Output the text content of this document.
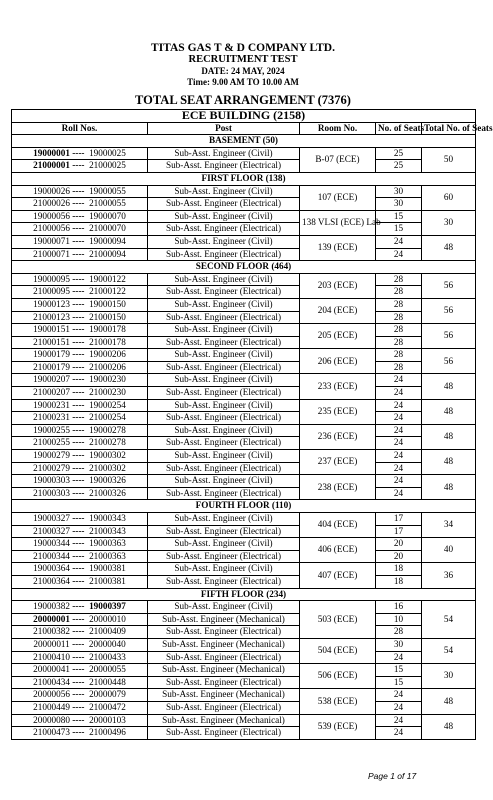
TITAS GAS T & D COMPANY LTD.
RECRUITMENT TEST
DATE: 24 MAY, 2024
Time: 9.00 AM TO 10.00 AM
TOTAL SEAT ARRANGEMENT (7376)
ECE BUILDING (2158)				
Roll Nos.	Post	Room No.	No. of Seats	Total No. of Seats
BASEMENT (50)				
19000001 ---- 19000025	Sub-Asst. Engineer (Civil)	B-07 (ECE)	25	50
21000001 ---- 21000025	Sub-Asst. Engineer (Electrical)		25	
FIRST FLOOR (138)				
19000026 ---- 19000055	Sub-Asst. Engineer (Civil)	107 (ECE)	30	60
21000026 ---- 21000055	Sub-Asst. Engineer (Electrical)		30	
19000056 ---- 19000070	Sub-Asst. Engineer (Civil)	138 VLSI (ECE) Lab	15	30
21000056 ---- 21000070	Sub-Asst. Engineer (Electrical)		15	
19000071 ---- 19000094	Sub-Asst. Engineer (Civil)	139 (ECE)	24	48
21000071 ---- 21000094	Sub-Asst. Engineer (Electrical)		24	
SECOND FLOOR (464)				
19000095 ---- 19000122	Sub-Asst. Engineer (Civil)	203 (ECE)	28	56
21000095 ---- 21000122	Sub-Asst. Engineer (Electrical)		28	
19000123 ---- 19000150	Sub-Asst. Engineer (Civil)	204 (ECE)	28	56
21000123 ---- 21000150	Sub-Asst. Engineer (Electrical)		28	
19000151 ---- 19000178	Sub-Asst. Engineer (Civil)	205 (ECE)	28	56
21000151 ---- 21000178	Sub-Asst. Engineer (Electrical)		28	
19000179 ---- 19000206	Sub-Asst. Engineer (Civil)	206 (ECE)	28	56
21000179 ---- 21000206	Sub-Asst. Engineer (Electrical)		28	
19000207 ---- 19000230	Sub-Asst. Engineer (Civil)	233 (ECE)	24	48
21000207 ---- 21000230	Sub-Asst. Engineer (Electrical)		24	
19000231 ---- 19000254	Sub-Asst. Engineer (Civil)	235 (ECE)	24	48
21000231 ---- 21000254	Sub-Asst. Engineer (Electrical)		24	
19000255 ---- 19000278	Sub-Asst. Engineer (Civil)	236 (ECE)	24	48
21000255 ---- 21000278	Sub-Asst. Engineer (Electrical)		24	
19000279 ---- 19000302	Sub-Asst. Engineer (Civil)	237 (ECE)	24	48
21000279 ---- 21000302	Sub-Asst. Engineer (Electrical)		24	
19000303 ---- 19000326	Sub-Asst. Engineer (Civil)	238 (ECE)	24	48
21000303 ---- 21000326	Sub-Asst. Engineer (Electrical)		24	
FOURTH FLOOR (110)				
19000327 ---- 19000343	Sub-Asst. Engineer (Civil)	404 (ECE)	17	34
21000327 ---- 21000343	Sub-Asst. Engineer (Electrical)		17	
19000344 ---- 19000363	Sub-Asst. Engineer (Civil)	406 (ECE)	20	40
21000344 ---- 21000363	Sub-Asst. Engineer (Electrical)		20	
19000364 ---- 19000381	Sub-Asst. Engineer (Civil)	407 (ECE)	18	36
21000364 ---- 21000381	Sub-Asst. Engineer (Electrical)		18	
FIFTH FLOOR (234)				
19000382 ---- 19000397	Sub-Asst. Engineer (Civil)	503 (ECE)	16	54
20000001 ---- 20000010	Sub-Asst. Engineer (Mechanical)		10	
21000382 ---- 21000409	Sub-Asst. Engineer (Electrical)		28	
20000011 ---- 20000040	Sub-Asst. Engineer (Mechanical)	504 (ECE)	30	54
21000410 ---- 21000433	Sub-Asst. Engineer (Electrical)		24	
20000041 ---- 20000055	Sub-Asst. Engineer (Mechanical)	506 (ECE)	15	30
21000434 ---- 21000448	Sub-Asst. Engineer (Electrical)		15	
20000056 ---- 20000079	Sub-Asst. Engineer (Mechanical)	538 (ECE)	24	48
21000449 ---- 21000472	Sub-Asst. Engineer (Electrical)		24	
20000080 ---- 20000103	Sub-Asst. Engineer (Mechanical)	539 (ECE)	24	48
21000473 ---- 21000496	Sub-Asst. Engineer (Electrical)		24	
Page 1 of 17
